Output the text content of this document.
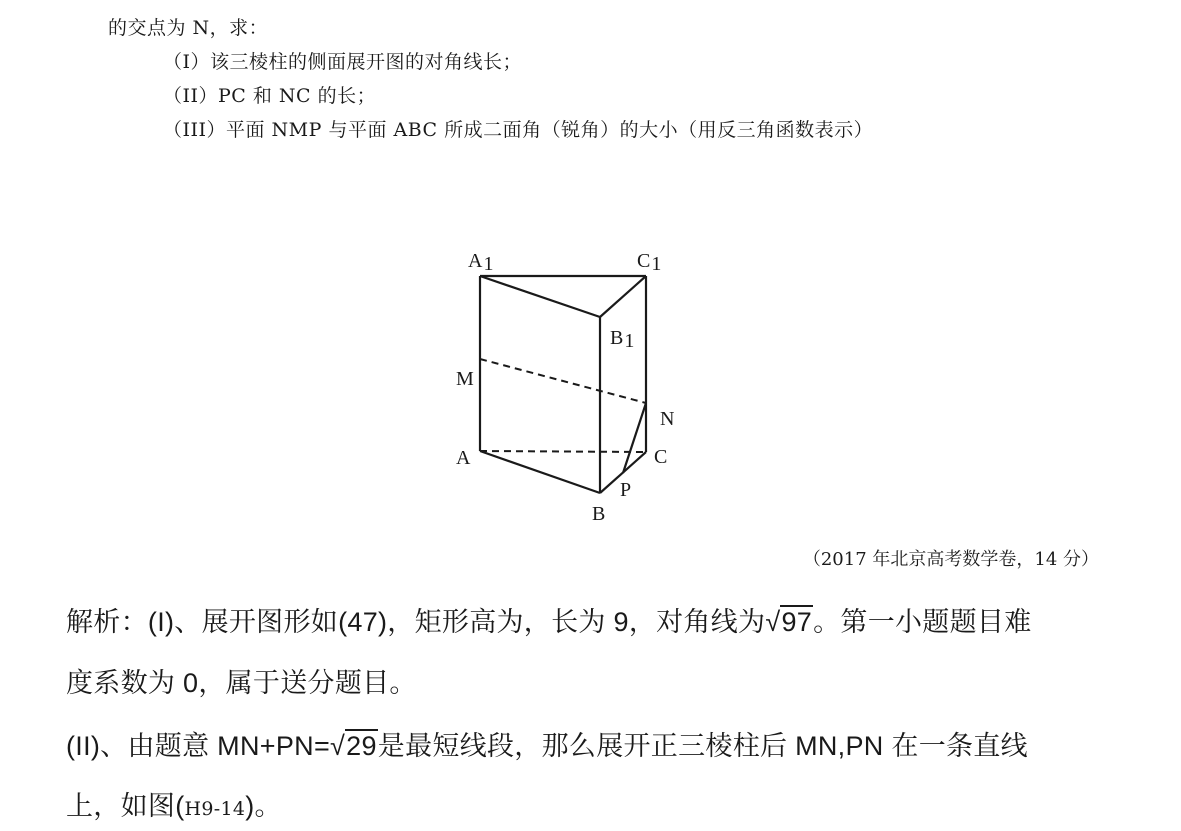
的交点为 N，求：
（I）该三棱柱的侧面展开图的对角线长；
（II）PC 和 NC 的长；
（III）平面 NMP 与平面 ABC 所成二面角（锐角）的大小（用反三角函数表示）
A1	C1
B1
M
N
A	C
P
B
（2017 年北京高考数学卷，14 分）
解析：(I)、展开图形如(47)，矩形高为，长为 9，对角线为√97。第一小题题目难
度系数为 0，属于送分题目。
(II)、由题意 MN+PN=√29是最短线段，那么展开正三棱柱后 MN,PN 在一条直线
上，如图(H9-14)。
